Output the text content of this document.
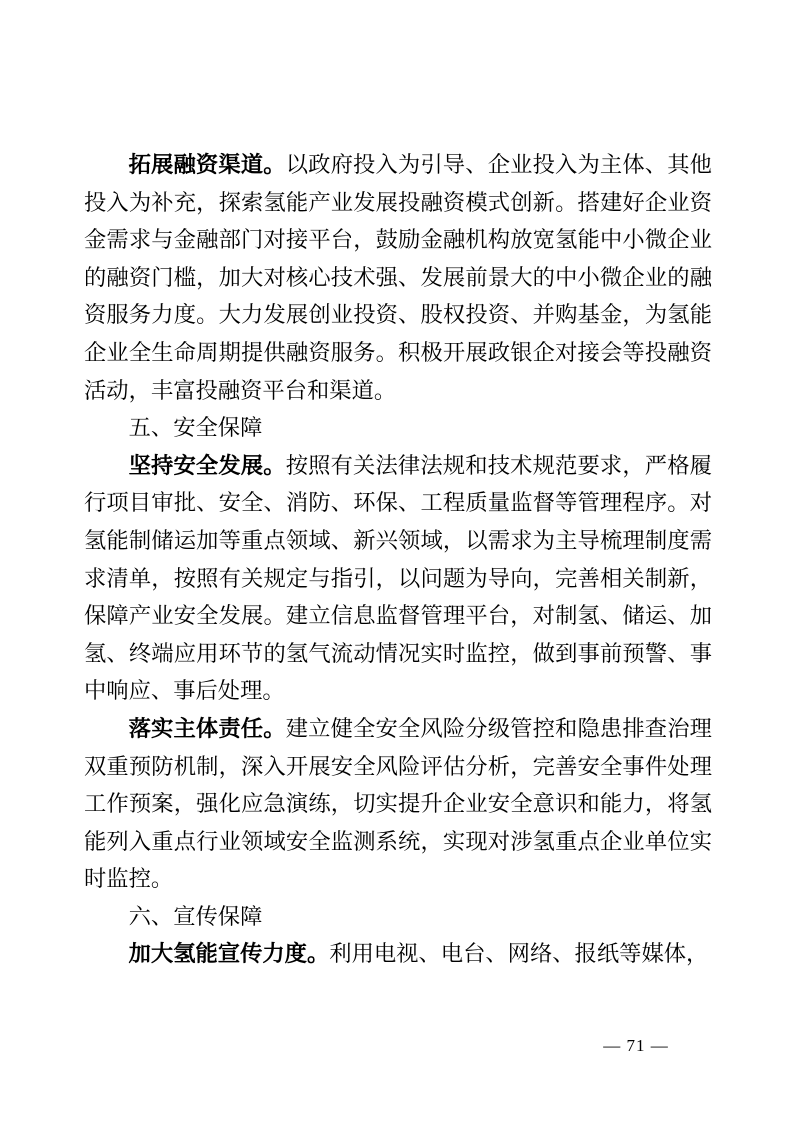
拓展融资渠道。以政府投入为引导、企业投入为主体、其他投入为补充，探索氢能产业发展投融资模式创新。搭建好企业资金需求与金融部门对接平台，鼓励金融机构放宽氢能中小微企业的融资门槛，加大对核心技术强、发展前景大的中小微企业的融资服务力度。大力发展创业投资、股权投资、并购基金，为氢能企业全生命周期提供融资服务。积极开展政银企对接会等投融资活动，丰富投融资平台和渠道。

五、安全保障

坚持安全发展。按照有关法律法规和技术规范要求，严格履行项目审批、安全、消防、环保、工程质量监督等管理程序。对氢能制储运加等重点领域、新兴领域，以需求为主导梳理制度需求清单，按照有关规定与指引，以问题为导向，完善相关制新，保障产业安全发展。建立信息监督管理平台，对制氢、储运、加氢、终端应用环节的氢气流动情况实时监控，做到事前预警、事中响应、事后处理。

落实主体责任。建立健全安全风险分级管控和隐患排查治理双重预防机制，深入开展安全风险评估分析，完善安全事件处理工作预案，强化应急演练，切实提升企业安全意识和能力，将氢能列入重点行业领域安全监测系统，实现对涉氢重点企业单位实时监控。

六、宣传保障

加大氢能宣传力度。利用电视、电台、网络、报纸等媒体，

— 71 —
